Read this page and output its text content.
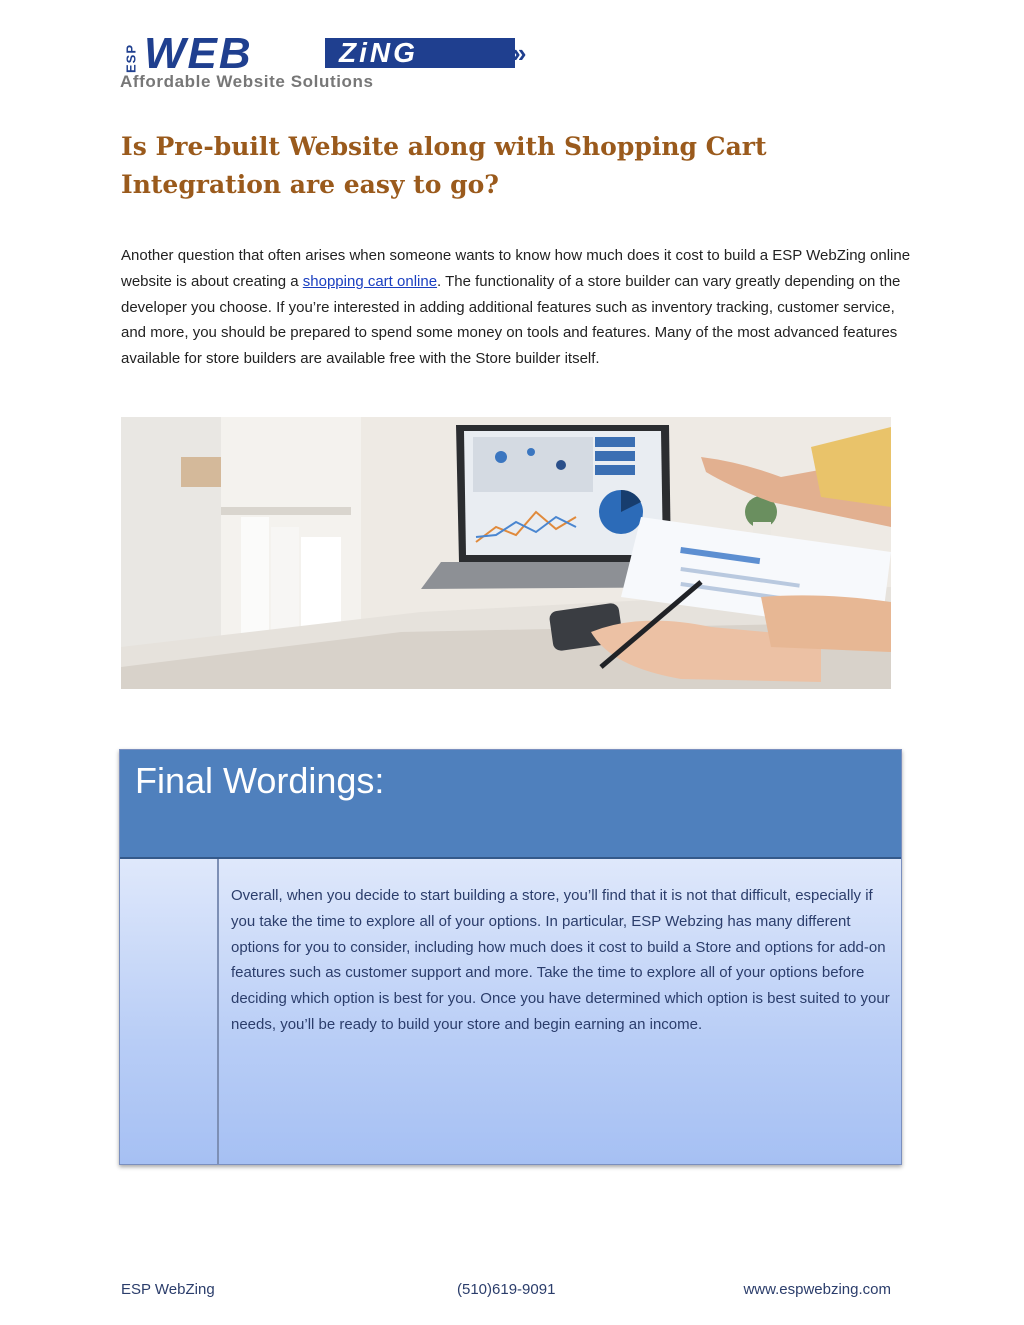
ESP WEB	ZiNG	»
Affordable Website Solutions
Is Pre-built Website along with Shopping Cart
Integration are easy to go?

Another question that often arises when someone wants to know how much does it cost to build a ESP WebZing online website is about creating a shopping cart online. The functionality of a store builder can vary greatly depending on the developer you choose. If you’re interested in adding additional features such as inventory tracking, customer service, and more, you should be prepared to spend some money on tools and features. Many of the most advanced features available for store builders are available free with the Store builder itself.

Final Wordings:

Overall, when you decide to start building a store, you’ll find that it is not that difficult, especially if you take the time to explore all of your options. In particular, ESP Webzing has many different options for you to consider, including how much does it cost to build a Store and options for add-on features such as customer support and more. Take the time to explore all of your options before deciding which option is best for you. Once you have determined which option is best suited to your needs, you’ll be ready to build your store and begin earning an income.

ESP WebZing	(510)619-9091	www.espwebzing.com
